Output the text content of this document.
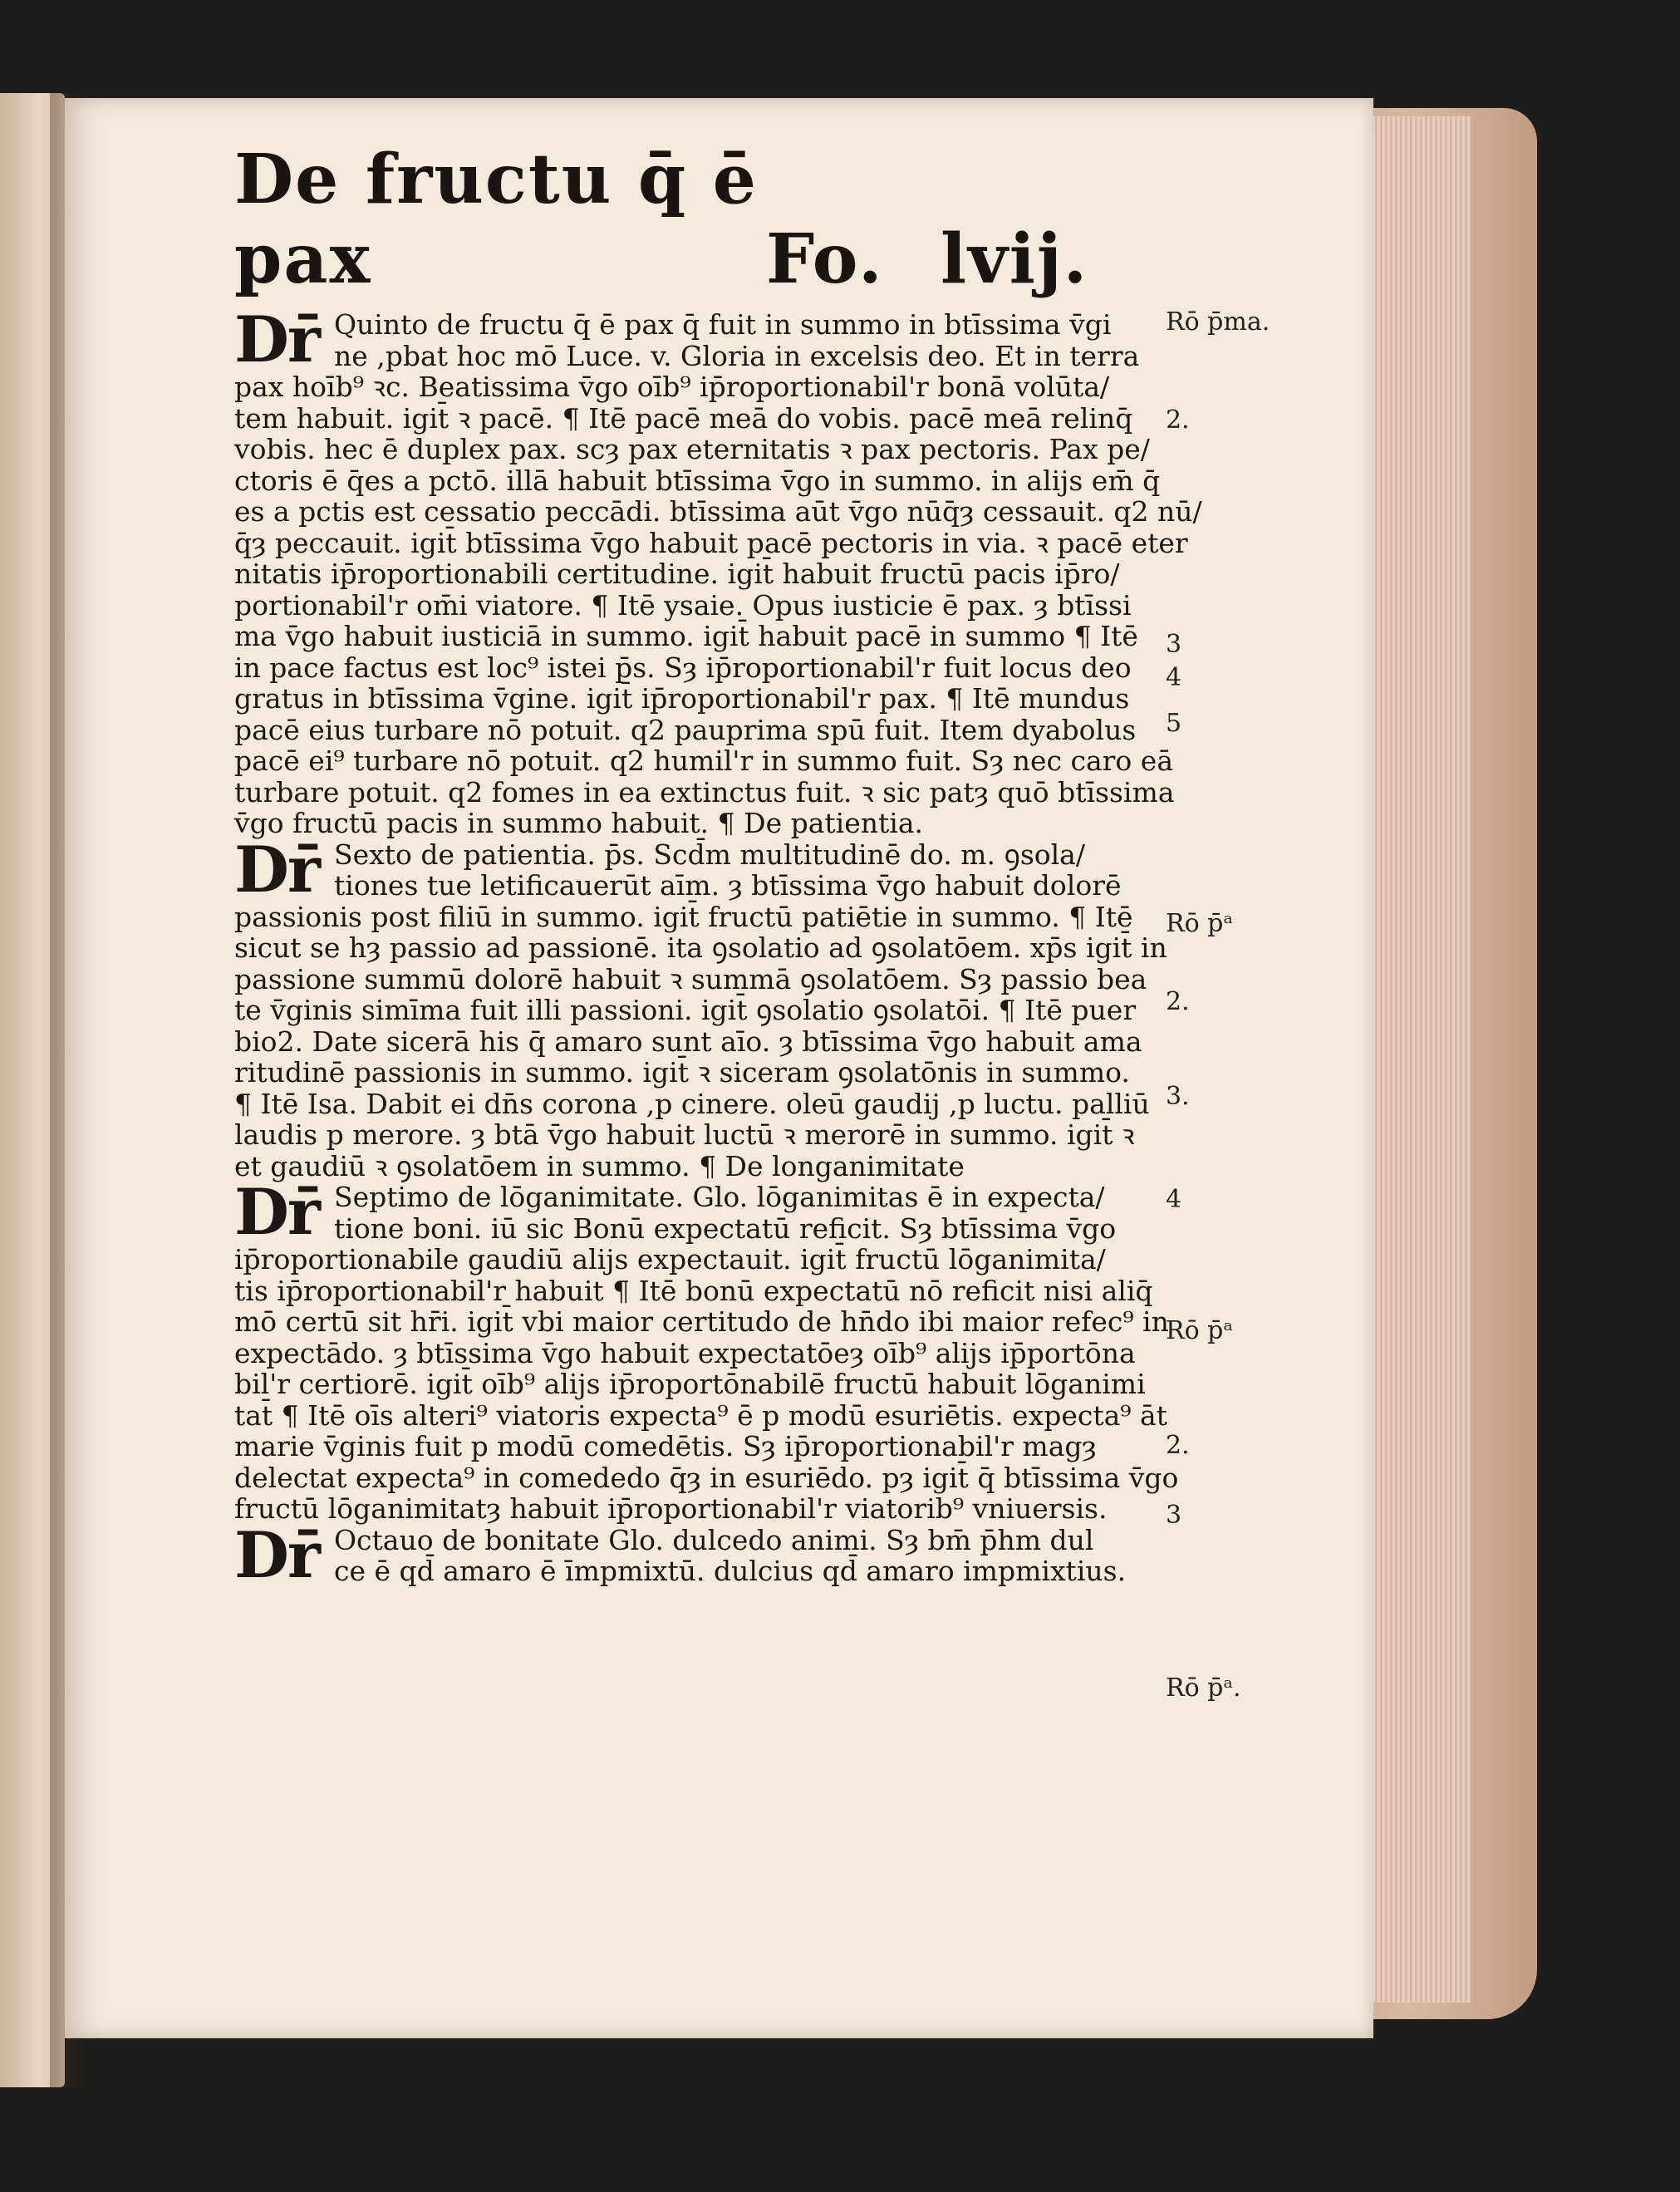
Rō p̄ma.
2.
3
4
5
Rō p̄ᵃ
2.
3.
4
Rō p̄ᵃ
2.
3
Rō p̄ᵃ.
De fructu q̄ ē pax	Fo. lvij.
Dr̄ Quinto de fructu q̄ ē pax q̄ fuit in summo in btīssima v̄gi
ne ,pbat hoc mō Luce. v. Gloria in excelsis deo. Et in terra
pax hoīb⁹ ꝛc. Beatissima v̄go oīb⁹ ip̄roportionabil'r bonā volūta/
tem habuit. igit̄ ꝛ pacē. ¶ Itē pacē meā do vobis. pacē meā relinq̄
vobis. hec ē duplex pax. scȝ pax eternitatis ꝛ pax pectoris. Pax pe/
ctoris ē q̄es a pctō. illā habuit btīssima v̄go in summo. in alijs em̄ q̄
es a pctis est cessatio peccādi. btīssima aūt v̄go nūq̄ȝ cessauit. q2 nū/
q̄ȝ peccauit. igit̄ btīssima v̄go habuit pacē pectoris in via. ꝛ pacē eter
nitatis ip̄roportionabili certitudine. igit̄ habuit fructū pacis ip̄ro/
portionabil'r om̄i viatore. ¶ Itē ysaie. Opus iusticie ē pax. ȝ btīssi
ma v̄go habuit iusticiā in summo. igit̄ habuit pacē in summo ¶ Itē
in pace factus est loc⁹ istei p̄s. Sȝ ip̄roportionabil'r fuit locus deo
gratus in btīssima v̄gine. igit̄ ip̄roportionabil'r pax. ¶ Itē mundus
pacē eius turbare nō potuit. q2 pauprima spū fuit. Item dyabolus
pacē ei⁹ turbare nō potuit. q2 humil'r in summo fuit. Sȝ nec caro eā
turbare potuit. q2 fomes in ea extinctus fuit. ꝛ sic patȝ quō btīssima
v̄go fructū pacis in summo habuit. ¶ De patientia.
Dr̄ Sexto de patientia. p̄s. Scd̄m multitudinē do. m. ꝯsola/
tiones tue letificauerūt aīm. ȝ btīssima v̄go habuit dolorē
passionis post filiū in summo. igit̄ fructū patiētie in summo. ¶ Itē
sicut se hȝ passio ad passionē. ita ꝯsolatio ad ꝯsolatōem. xp̄s igit̄ in
passione summū dolorē habuit ꝛ summā ꝯsolatōem. Sȝ passio bea
te v̄ginis simīma fuit illi passioni. igit̄ ꝯsolatio ꝯsolatōi. ¶ Itē puer
bio2. Date sicerā his q̄ amaro sunt aīo. ȝ btīssima v̄go habuit ama
ritudinē passionis in summo. igit̄ ꝛ siceram ꝯsolatōnis in summo.
¶ Itē Isa. Dabit ei dn̄s corona ,p cinere. oleū gaudij ,p luctu. palliū
laudis p merore. ȝ btā v̄go habuit luctū ꝛ merorē in summo. igit̄ ꝛ
et gaudiū ꝛ ꝯsolatōem in summo. ¶ De longanimitate
Dr̄ Septimo de lōganimitate. Glo. lōganimitas ē in expecta/
tione boni. iū sic Bonū expectatū reficit. Sȝ btīssima v̄go
ip̄roportionabile gaudiū alijs expectauit. igit̄ fructū lōganimita/
tis ip̄roportionabil'r habuit ¶ Itē bonū expectatū nō reficit nisi aliq̄
mō certū sit hr̄i. igit̄ vbi maior certitudo de hn̄do ibi maior refec⁹ in
expectādo. ȝ btīssima v̄go habuit expectatōeȝ oīb⁹ alijs ip̄portōna
bil'r certiorē. igit̄ oīb⁹ alijs ip̄roportōnabilē fructū habuit lōganimi
tat̄ ¶ Itē oīs alteri⁹ viatoris expecta⁹ ē p modū esuriētis. expecta⁹ āt
marie v̄ginis fuit p modū comedētis. Sȝ ip̄roportionabil'r magȝ
delectat expecta⁹ in comededo q̄ȝ in esuriēdo. pȝ igit̄ q̄ btīssima v̄go
fructū lōganimitatȝ habuit ip̄roportionabil'r viatorib⁹ vniuersis.
Dr̄ Octauo de bonitate Glo. dulcedo animi. Sȝ bm̄ p̄hm dul
ce ē qd̄ amaro ē īmpmixtū. dulcius qd̄ amaro impmixtius.
